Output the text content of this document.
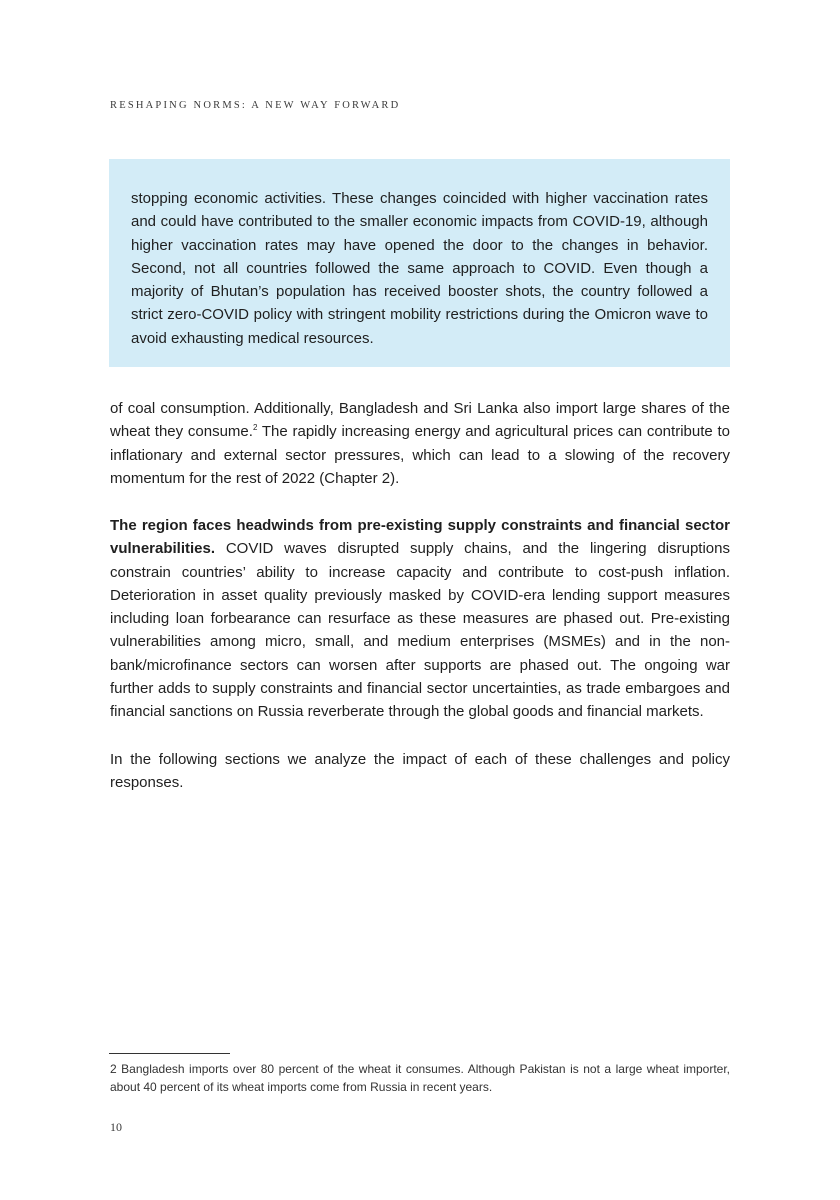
RESHAPING NORMS: A NEW WAY FORWARD

stopping economic activities. These changes coincided with higher vaccination rates and could have contributed to the smaller economic impacts from COVID-19, although higher vaccination rates may have opened the door to the changes in behavior. Second, not all countries followed the same approach to COVID. Even though a majority of Bhutan’s population has received booster shots, the country followed a strict zero-COVID policy with stringent mobility restrictions during the Omicron wave to avoid exhausting medical resources.

of coal consumption. Additionally, Bangladesh and Sri Lanka also import large shares of the wheat they consume.$^2$ The rapidly increasing energy and agricultural prices can contribute to inflationary and external sector pressures, which can lead to a slowing of the recovery momentum for the rest of 2022 (Chapter 2).

The region faces headwinds from pre-existing supply constraints and financial sector vulnerabilities. COVID waves disrupted supply chains, and the lingering disruptions constrain countries’ ability to increase capacity and contribute to cost-push inflation. Deterioration in asset quality previously masked by COVID-era lending support measures including loan forbearance can resurface as these measures are phased out. Pre-existing vulnerabilities among micro, small, and medium enterprises (MSMEs) and in the non-bank/microfinance sectors can worsen after supports are phased out. The ongoing war further adds to supply constraints and financial sector uncertainties, as trade embargoes and financial sanctions on Russia reverberate through the global goods and financial markets.

In the following sections we analyze the impact of each of these challenges and policy responses.

2 Bangladesh imports over 80 percent of the wheat it consumes. Although Pakistan is not a large wheat importer, about 40 percent of its wheat imports come from Russia in recent years.

10
